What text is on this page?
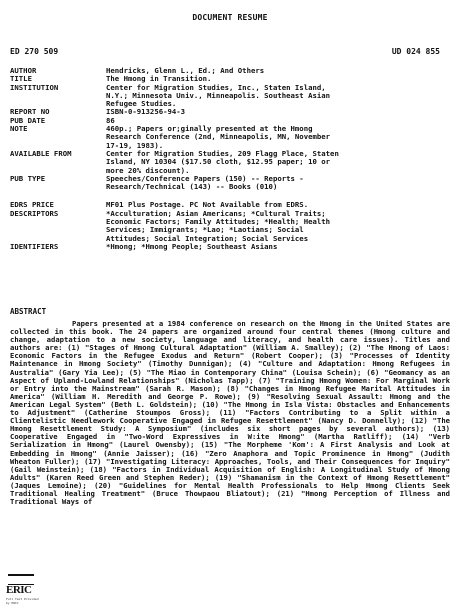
DOCUMENT RESUME
ED 270 509	UD 024 855
AUTHOR	Hendricks, Glenn L., Ed.; And Others
TITLE	The Hmong in Transition.
INSTITUTION	Center for Migration Studies, Inc., Staten Island,
N.Y.; Minnesota Univ., Minneapolis. Southeast Asian
Refugee Studies.
REPORT NO	ISBN-0-913256-94-3
PUB DATE	86
NOTE	460p.; Papers or;ginally presented at the Hmong
Research Conference (2nd, Minneapolis, MN, November
17-19, 1983).
AVAILABLE FROM	Center for Migration Studies, 209 Flagg Place, Staten
Island, NY 10304 ($17.50 cloth, $12.95 paper; 10 or
more 20% discount).
PUB TYPE	Speeches/Conference Papers (150) -- Reports -
Research/Technical (143) -- Books (010)
EDRS PRICE	MF01 Plus Postage. PC Not Available from EDRS.
DESCRIPTORS	*Acculturation; Asian Americans; *Cultural Traits;
Economic Factors; Family Attitudes; *Health; Health
Services; Immigrants; *Lao; *Laotians; Social
Attitudes; Social Integration; Social Services
IDENTIFIERS	*Hmong; *Hmong People; Southeast Asians
ABSTRACT
Papers presented at a 1984 conference on research on the Hmong in the United States are collected in this book. The 24 papers are organized around four central themes (Hmong culture and change, adaptation to a new society, language and literacy, and health care issues). Titles and authors are: (1) "Stages of Hmong Cultural Adaptation" (William A. Smalley); (2) "The Hmong of Laos: Economic Factors in the Refugee Exodus and Return" (Robert Cooper); (3) "Processes of Identity Maintenance in Hmong Society" (Timothy Dunnigan); (4) "Culture and Adaptation: Hmong Refugees in Australia" (Gary Yia Lee); (5) "The Miao in Contemporary China" (Louisa Schein); (6) "Geomancy as an Aspect of Upland-Lowland Relationships" (Nicholas Tapp); (7) "Training Hmong Women: For Marginal Work or Entry into the Mainstream" (Sarah R. Mason); (8) "Changes in Hmong Refugee Marital Attitudes in America" (William H. Meredith and George P. Rowe); (9) "Resolving Sexual Assault: Hmong and the American Legal System" (Beth L. Goldstein); (10) "The Hmong in Isla Vista: Obstacles and Enhancements to Adjustment" (Catherine Stoumpos Gross); (11) "Factors Contributing to a Split within a Clientelistic Needlework Cooperative Engaged in Refugee Resettlement" (Nancy D. Donnelly); (12) "The Hmong Resettlement Study: A Symposium" (includes six short pages by several authors); (13) Cooperative Engaged in "Two-Word Expressives in W:ite Hmong" (Martha Ratliff); (14) "Verb Serialization in Hmong" (Laurel Owensby); (15) "The Morpheme 'Kom': A First Analysis and Look at Embedding in Hmong" (Annie Jaisser); (16) "Zero Anaphora and Topic Prominence in Hmong" (Judith Wheaton Fuller); (17) "Investigating Literacy: Approaches, Tools, and Their Consequences for Inquiry" (Gail Weinstein); (18) "Factors in Individual Acquisition of English: A Longitudinal Study of Hmong Adults" (Karen Reed Green and Stephen Reder); (19) "Shamanism in the Context of Hmong Resettlement" (Jaques Lemoine); (20) "Guidelines for Mental Health Professionals to Help Hmong Clients Seek Traditional Healing Treatment" (Bruce Thowpaou Bliatout); (21) "Hmong Perception of Illness and Traditional Ways of
ERIC
Full Text Provided by ERIC
